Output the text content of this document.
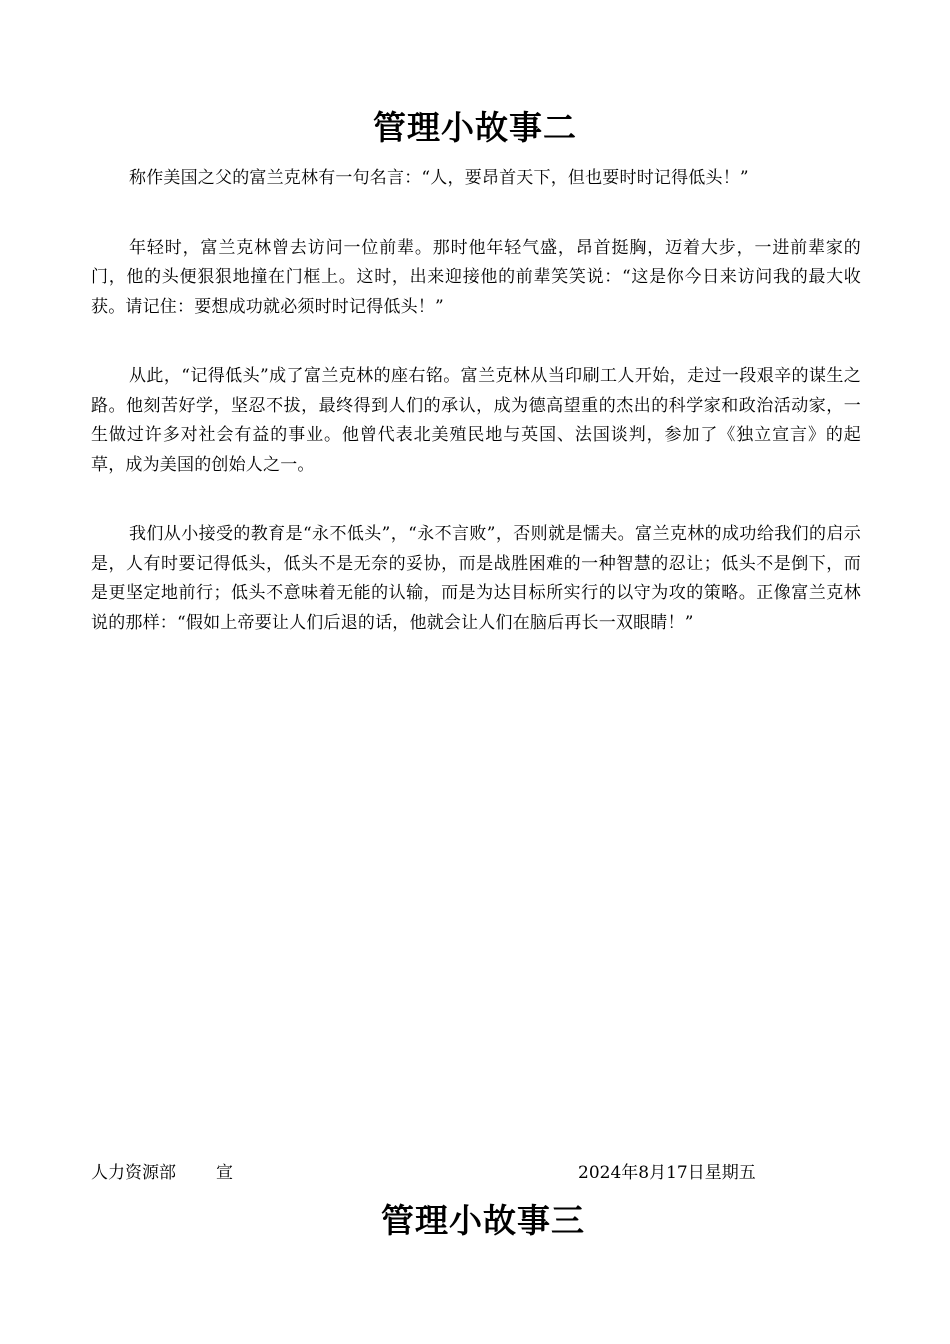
管理小故事二

称作美国之父的富兰克林有一句名言：“人，要昂首天下，但也要时时记得低头！”

年轻时，富兰克林曾去访问一位前辈。那时他年轻气盛，昂首挺胸，迈着大步，一进前辈家的门，他的头便狠狠地撞在门框上。这时，出来迎接他的前辈笑笑说：“这是你今日来访问我的最大收获。请记住：要想成功就必须时时记得低头！”

从此，“记得低头”成了富兰克林的座右铭。富兰克林从当印刷工人开始，走过一段艰辛的谋生之路。他刻苦好学，坚忍不拔，最终得到人们的承认，成为德高望重的杰出的科学家和政治活动家，一生做过许多对社会有益的事业。他曾代表北美殖民地与英国、法国谈判，参加了《独立宣言》的起草，成为美国的创始人之一。

我们从小接受的教育是“永不低头”，“永不言败”，否则就是懦夫。富兰克林的成功给我们的启示是，人有时要记得低头，低头不是无奈的妥协，而是战胜困难的一种智慧的忍让；低头不是倒下，而是更坚定地前行；低头不意味着无能的认输，而是为达目标所实行的以守为攻的策略。正像富兰克林说的那样：“假如上帝要让人们后退的话，他就会让人们在脑后再长一双眼睛！”

人力资源部 宣	2024年8月17日星期五
管理小故事三
